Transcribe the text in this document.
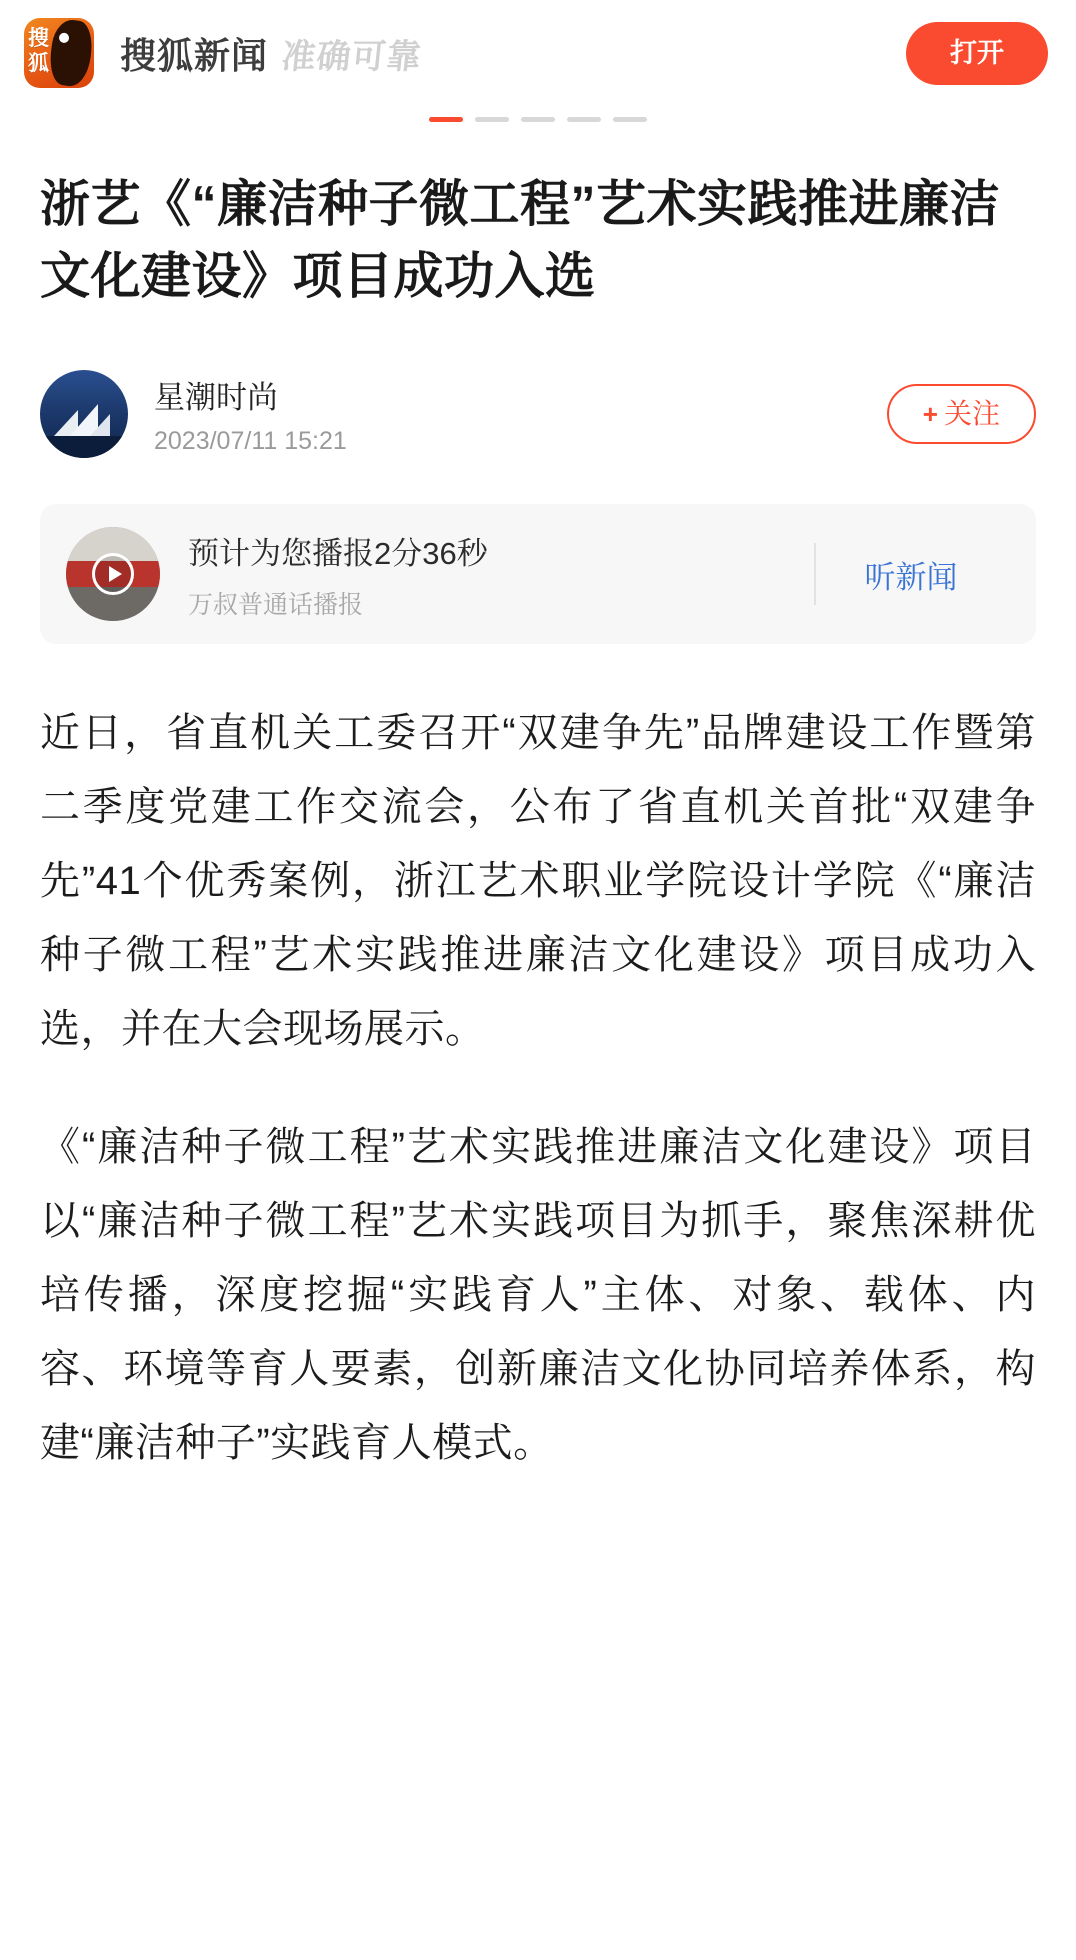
搜狐 搜狐新闻 准确可靠	打开
浙艺《“廉洁种子微工程”艺术实践推进廉洁文化建设》项目成功入选
星潮时尚
2023/07/11 15:21
+ 关注
预计为您播报2分36秒
万叔普通话播报
听新闻

近日，省直机关工委召开“双建争先”品牌建设工作暨第二季度党建工作交流会，公布了省直机关首批“双建争先”41个优秀案例，浙江艺术职业学院设计学院《“廉洁种子微工程”艺术实践推进廉洁文化建设》项目成功入选，并在大会现场展示。

《“廉洁种子微工程”艺术实践推进廉洁文化建设》项目以“廉洁种子微工程”艺术实践项目为抓手，聚焦深耕优培传播，深度挖掘“实践育人”主体、对象、载体、内容、环境等育人要素，创新廉洁文化协同培养体系，构建“廉洁种子”实践育人模式。
